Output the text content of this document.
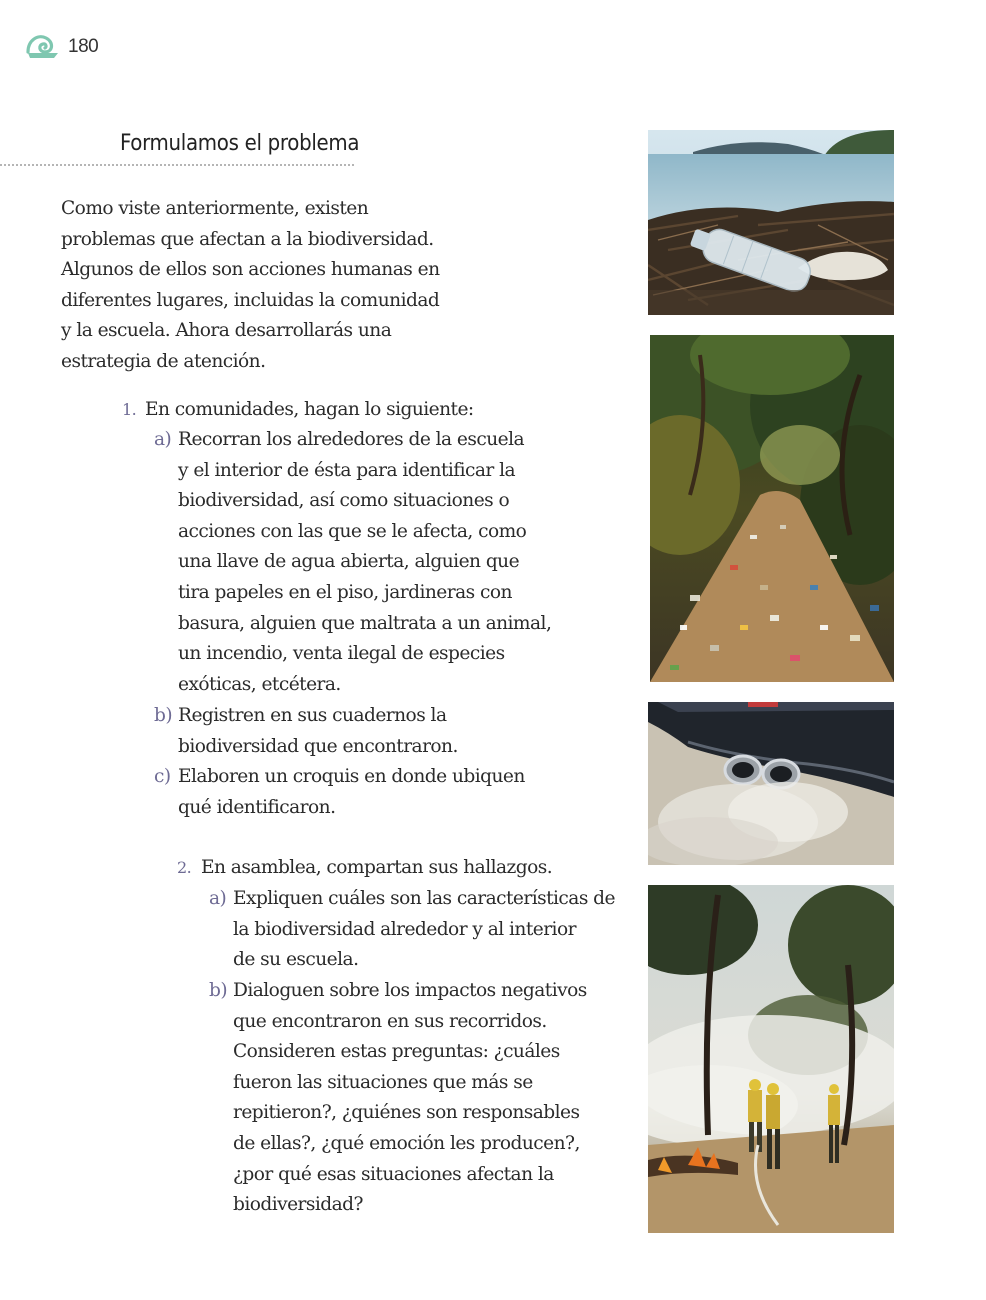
180
Formulamos el problema

Como viste anteriormente, existen
problemas que afectan a la biodiversidad.
Algunos de ellos son acciones humanas en
diferentes lugares, incluidas la comunidad
y la escuela. Ahora desarrollarás una
estrategia de atención.

1. En comunidades, hagan lo siguiente:
a) Recorran los alrededores de la escuela
y el interior de ésta para identificar la
biodiversidad, así como situaciones o
acciones con las que se le afecta, como
una llave de agua abierta, alguien que
tira papeles en el piso, jardineras con
basura, alguien que maltrata a un animal,
un incendio, venta ilegal de especies
exóticas, etcétera.
b) Registren en sus cuadernos la
biodiversidad que encontraron.
c) Elaboren un croquis en donde ubiquen
qué identificaron.
2. En asamblea, compartan sus hallazgos.
a) Expliquen cuáles son las características de
la biodiversidad alrededor y al interior
de su escuela.
b) Dialoguen sobre los impactos negativos
que encontraron en sus recorridos.
Consideren estas preguntas: ¿cuáles
fueron las situaciones que más se
repitieron?, ¿quiénes son responsables
de ellas?, ¿qué emoción les producen?,
¿por qué esas situaciones afectan la
biodiversidad?
